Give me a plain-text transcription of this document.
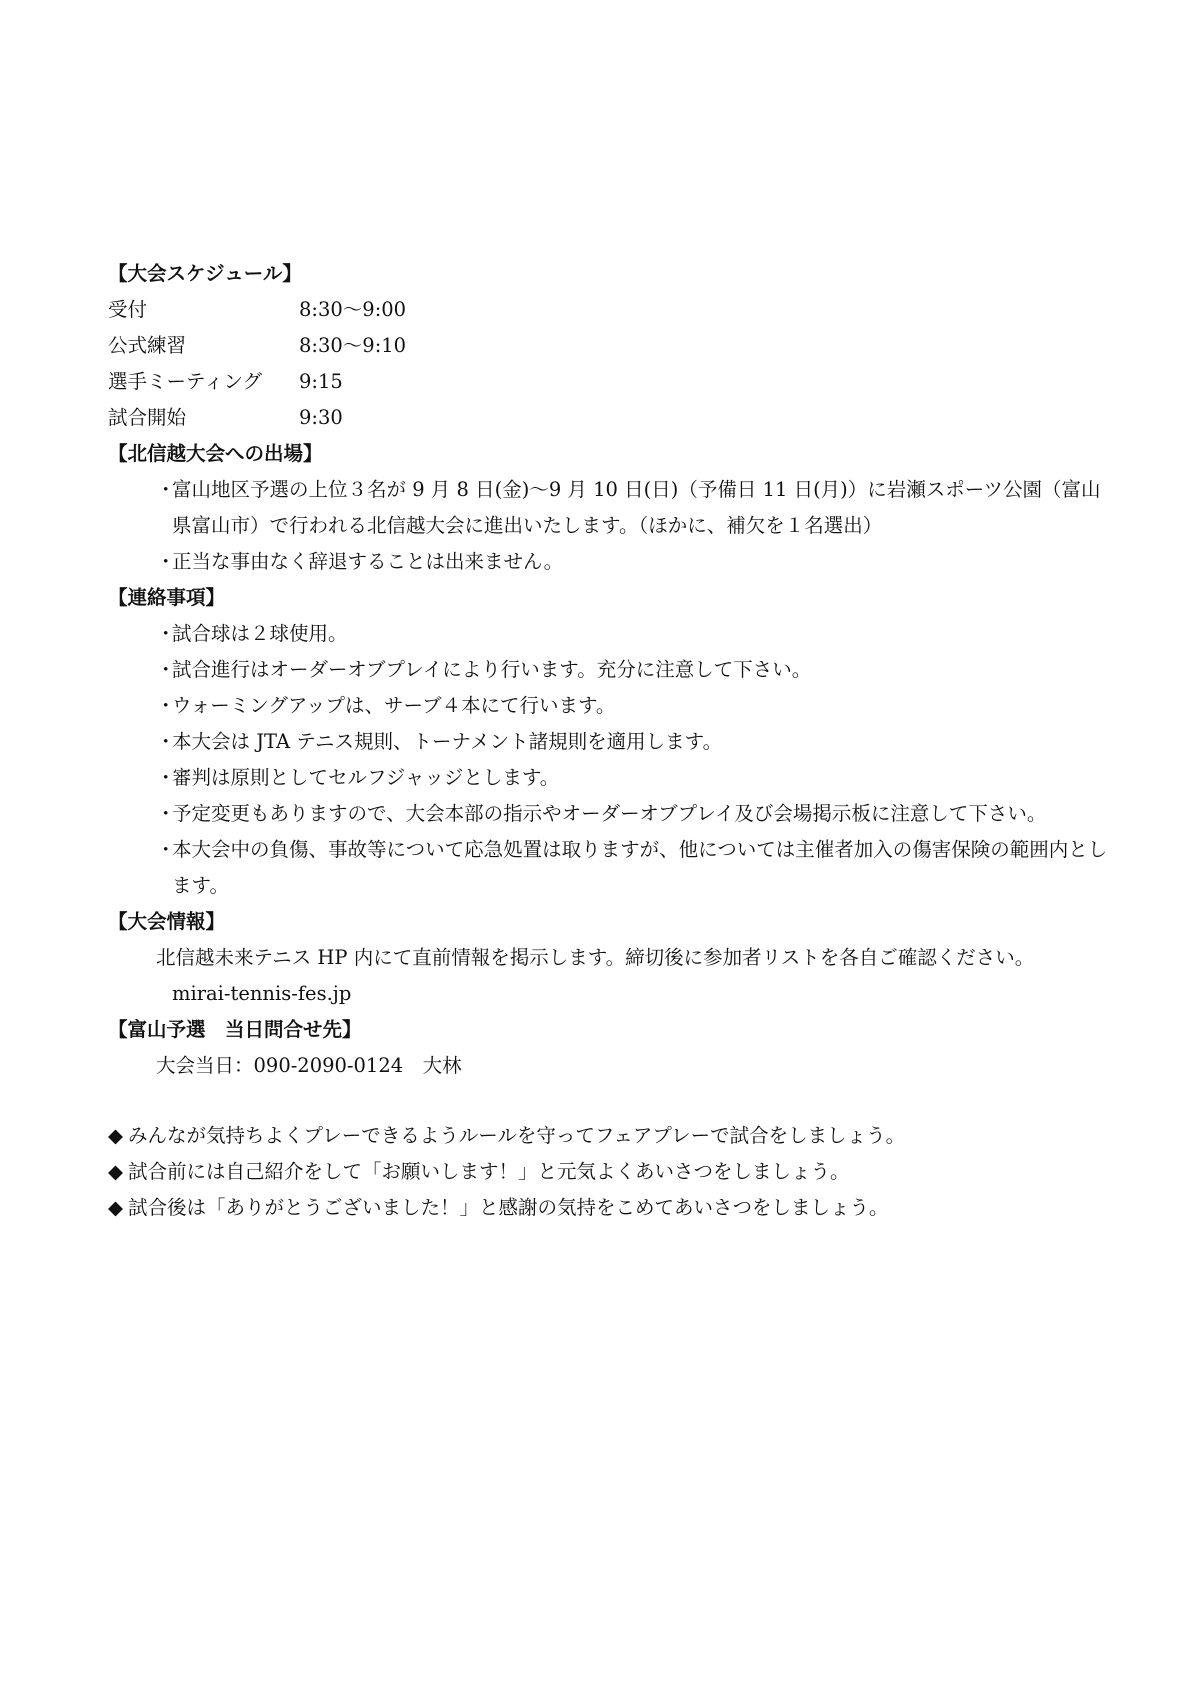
【大会スケジュール】
受付	8:30～9:00
公式練習	8:30～9:10
選手ミーティング	9:15
試合開始	9:30
【北信越大会への出場】
・
富山地区予選の上位３名が 9 月 8 日(金)～9 月 10 日(日)（予備日 11 日(月)）に岩瀬スポーツ公園（富山県富山市）で行われる北信越大会に進出いたします。（ほかに、補欠を１名選出）
・
正当な事由なく辞退することは出来ません。
【連絡事項】
・
試合球は２球使用。
・
試合進行はオーダーオブプレイにより行います。充分に注意して下さい。
・
ウォーミングアップは、サーブ４本にて行います。
・
本大会は JTA テニス規則、トーナメント諸規則を適用します。
・
審判は原則としてセルフジャッジとします。
・
予定変更もありますので、大会本部の指示やオーダーオブプレイ及び会場掲示板に注意して下さい。
・
本大会中の負傷、事故等について応急処置は取りますが、他については主催者加入の傷害保険の範囲内とします。
【大会情報】
北信越未来テニス HP 内にて直前情報を掲示します。締切後に参加者リストを各自ご確認ください。
mirai-tennis-fes.jp
【富山予選　当日問合せ先】
大会当日：090-2090-0124　大林
◆ みんなが気持ちよくプレーできるようルールを守ってフェアプレーで試合をしましょう。
◆ 試合前には自己紹介をして「お願いします！」と元気よくあいさつをしましょう。
◆ 試合後は「ありがとうございました！」と感謝の気持をこめてあいさつをしましょう。
